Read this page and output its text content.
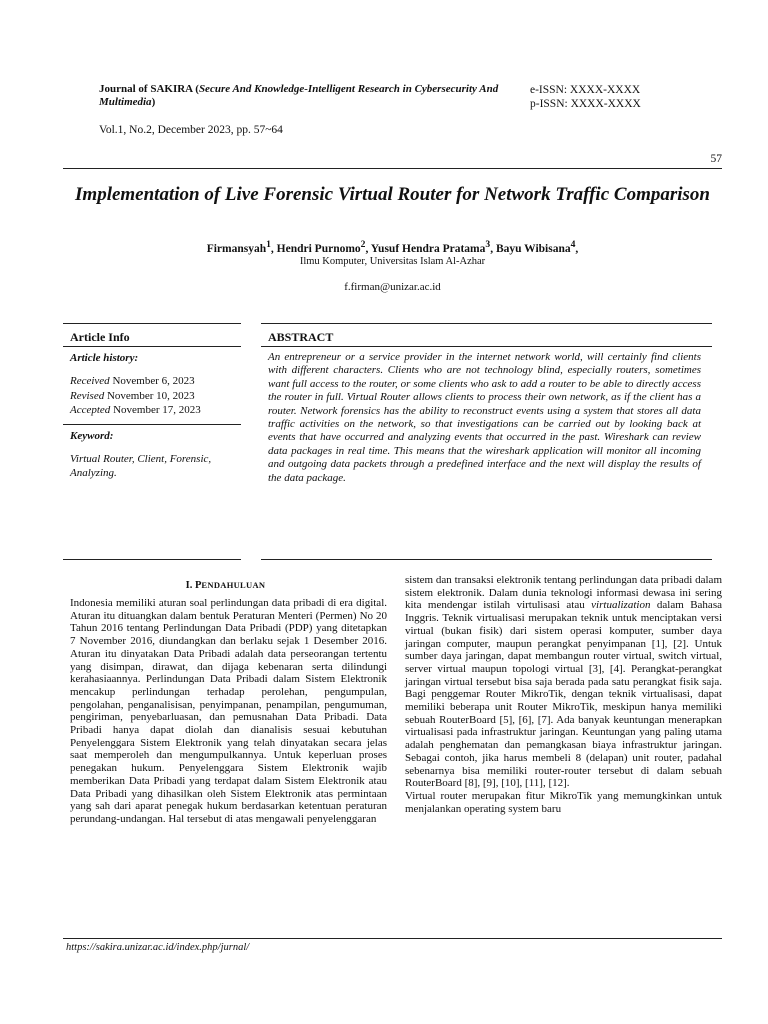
Journal of SAKIRA (Secure And Knowledge-Intelligent Research in Cybersecurity And Multimedia)
e-ISSN: XXXX-XXXX
p-ISSN: XXXX-XXXX
Vol.1, No.2, December 2023, pp. 57~64
57
Implementation of Live Forensic Virtual Router for Network Traffic Comparison
Firmansyah$^1$, Hendri Purnomo$^2$, Yusuf Hendra Pratama$^3$, Bayu Wibisana$^4$,
Ilmu Komputer, Universitas Islam Al-Azhar
f.firman@unizar.ac.id
Article Info	ABSTRACT
Article history:
Received November 6, 2023
Revised November 10, 2023
Accepted November 17, 2023
Keyword:
Virtual Router, Client, Forensic, Analyzing.
An entrepreneur or a service provider in the internet network world, will certainly find clients with different characters. Clients who are not technology blind, especially routers, sometimes want full access to the router, or some clients who ask to add a router to be able to directly access the router in full. Virtual Router allows clients to process their own network, as if the client has a router. Network forensics has the ability to reconstruct events using a system that stores all data traffic activities on the network, so that investigations can be carried out by looking back at events that have occurred and analyzing events that occurred in the past. Wireshark can review data packages in real time. This means that the wireshark application will monitor all incoming and outgoing data packets through a predefined interface and the next will display the results of the data package.
I. PENDAHULUAN

Indonesia memiliki aturan soal perlindungan data pribadi di era digital. Aturan itu dituangkan dalam bentuk Peraturan Menteri (Permen) No 20 Tahun 2016 tentang Perlindungan Data Pribadi (PDP) yang ditetapkan 7 November 2016, diundangkan dan berlaku sejak 1 Desember 2016. Aturan itu dinyatakan Data Pribadi adalah data perseorangan tertentu yang disimpan, dirawat, dan dijaga kebenaran serta dilindungi kerahasiaannya. Perlindungan Data Pribadi dalam Sistem Elektronik mencakup perlindungan terhadap perolehan, pengumpulan, pengolahan, penganalisisan, penyimpanan, penampilan, pengumuman, pengiriman, penyebarluasan, dan pemusnahan Data Pribadi. Data Pribadi hanya dapat diolah dan dianalisis sesuai kebutuhan Penyelenggara Sistem Elektronik yang telah dinyatakan secara jelas saat memperoleh dan mengumpulkannya. Untuk keperluan proses penegakan hukum. Penyelenggara Sistem Elektronik wajib memberikan Data Pribadi yang terdapat dalam Sistem Elektronik atau Data Pribadi yang dihasilkan oleh Sistem Elektronik atas permintaan yang sah dari aparat penegak hukum berdasarkan ketentuan peraturan perundang-undangan. Hal tersebut di atas mengawali penyelenggaran

sistem dan transaksi elektronik tentang perlindungan data pribadi dalam sistem elektronik. Dalam dunia teknologi informasi dewasa ini sering kita mendengar istilah virtulisasi atau virtualization dalam Bahasa Inggris. Teknik virtualisasi merupakan teknik untuk menciptakan versi virtual (bukan fisik) dari sistem operasi komputer, sumber daya jaringan computer, maupun perangkat penyimpanan [1], [2]. Untuk sumber daya jaringan, dapat membangun router virtual, switch virtual, server virtual maupun topologi virtual [3], [4]. Perangkat-perangkat jaringan virtual tersebut bisa saja berada pada satu perangkat fisik saja. Bagi penggemar Router MikroTik, dengan teknik virtualisasi, dapat memiliki beberapa unit Router MikroTik, meskipun hanya memiliki sebuah RouterBoard [5], [6], [7]. Ada banyak keuntungan menerapkan virtualisasi pada infrastruktur jaringan. Keuntungan yang paling utama adalah penghematan dan pemangkasan biaya infrastruktur jaringan. Sebagai contoh, jika harus membeli 8 (delapan) unit router, padahal sebenarnya bisa memiliki router-router tersebut di dalam sebuah RouterBoard [8], [9], [10], [11], [12].

Virtual router merupakan fitur MikroTik yang memungkinkan untuk menjalankan operating system baru

https://sakira.unizar.ac.id/index.php/jurnal/
